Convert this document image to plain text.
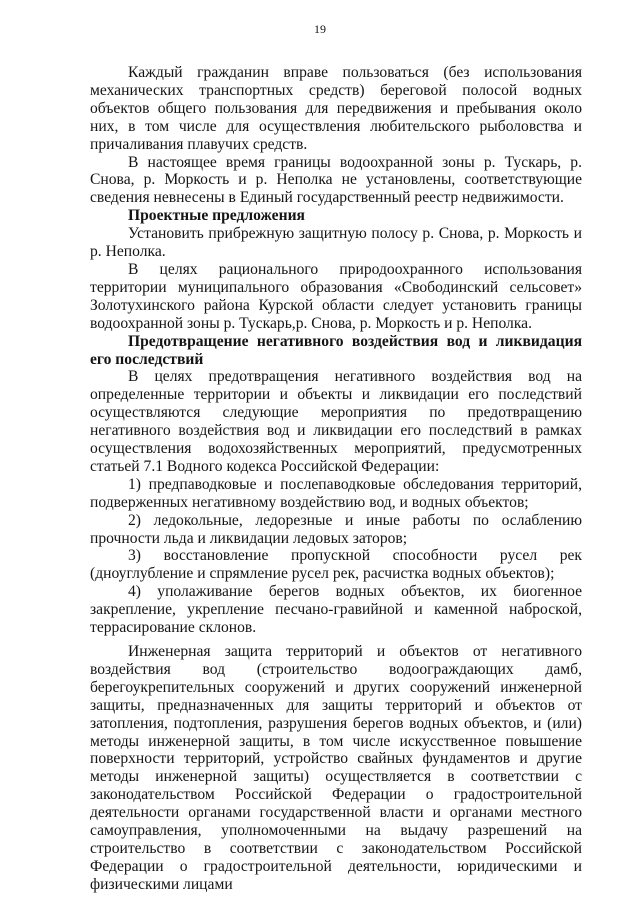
19

Каждый гражданин вправе пользоваться (без использования механических транспортных средств) береговой полосой водных объектов общего пользования для передвижения и пребывания около них, в том числе для осуществления любительского рыболовства и причаливания плавучих средств.

В настоящее время границы водоохранной зоны р. Тускарь, р. Снова, р. Моркость и р. Неполка не установлены, соответствующие сведения невнесены в Единый государственный реестр недвижимости.

Проектные предложения

Установить прибрежную защитную полосу р. Снова, р. Моркость и р. Неполка.

В целях рационального природоохранного использования территории муниципального образования «Свободинский сельсовет» Золотухинского района Курской области следует установить границы водоохранной зоны р. Тускарь,р. Снова, р. Моркость и р. Неполка.

Предотвращение негативного воздействия вод и ликвидация его последствий

В целях предотвращения негативного воздействия вод на определенные территории и объекты и ликвидации его последствий осуществляются следующие мероприятия по предотвращению негативного воздействия вод и ликвидации его последствий в рамках осуществления водохозяйственных мероприятий, предусмотренных статьей 7.1 Водного кодекса Российской Федерации:

1) предпаводковые и послепаводковые обследования территорий, подверженных негативному воздействию вод, и водных объектов;

2) ледокольные, ледорезные и иные работы по ослаблению прочности льда и ликвидации ледовых заторов;

3) восстановление пропускной способности русел рек (дноуглубление и спрямление русел рек, расчистка водных объектов);

4) уполаживание берегов водных объектов, их биогенное закрепление, укрепление песчано-гравийной и каменной наброской, террасирование склонов.

Инженерная защита территорий и объектов от негативного воздействия вод (строительство водоограждающих дамб, берегоукрепительных сооружений и других сооружений инженерной защиты, предназначенных для защиты территорий и объектов от затопления, подтопления, разрушения берегов водных объектов, и (или) методы инженерной защиты, в том числе искусственное повышение поверхности территорий, устройство свайных фундаментов и другие методы инженерной защиты) осуществляется в соответствии с законодательством Российской Федерации о градостроительной деятельности органами государственной власти и органами местного самоуправления, уполномоченными на выдачу разрешений на строительство в соответствии с законодательством Российской Федерации о градостроительной деятельности, юридическими и физическими лицами
